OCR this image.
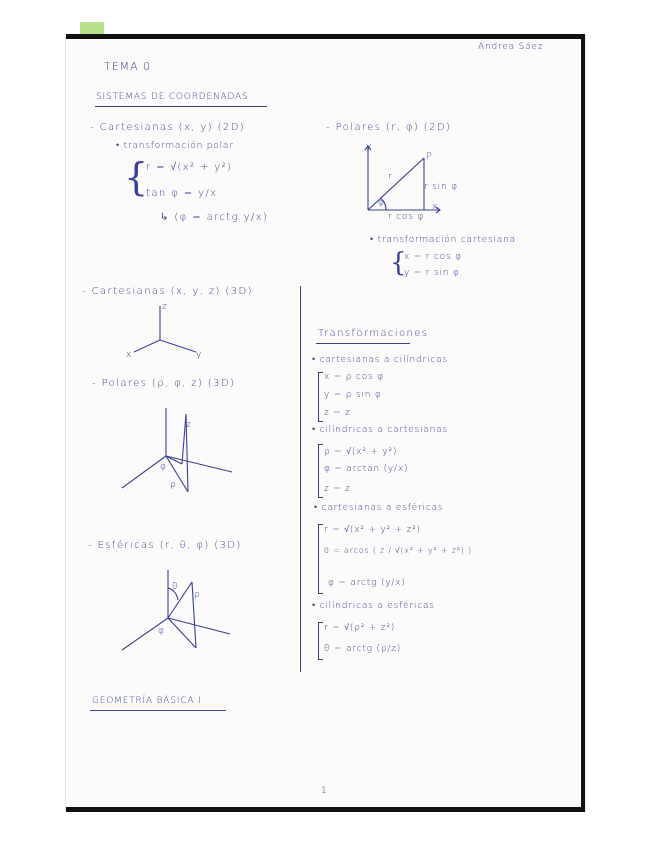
TEMA 0
Andrea Sáez
SISTEMAS DE COORDENADAS
- Cartesianas (x, y) (2D)
• transformación polar
{
r = √(x² + y²)
tan φ = y/x
↳ (φ = arctg y/x)
- Cartesianas (x, y, z) (3D)
z
x	y
- Polares (ρ, φ, z) (3D)
z
φ
ρ
- Esféricas (r, θ, φ) (3D)
θ
ρ
φ
- Polares (r, φ) (2D)
y
x
P
r
φ
r sin φ
r cos φ
• transformación cartesiana
{
x = r cos φ
y = r sin φ
Transformaciones
• cartesianas a cilíndricas
x = ρ cos φ
y = ρ sin φ
z = z
• cilíndricas a cartesianas
ρ = √(x² + y²)
φ = arctan (y/x)
z = z
• cartesianas a esféricas
r = √(x² + y² + z²)
θ = arcos ( z / √(x² + y² + z²) )
φ = arctg (y/x)
• cilíndricas a esféricas
r = √(ρ² + z²)
θ = arctg (ρ/z)
GEOMETRÍA BÁSICA I
1
